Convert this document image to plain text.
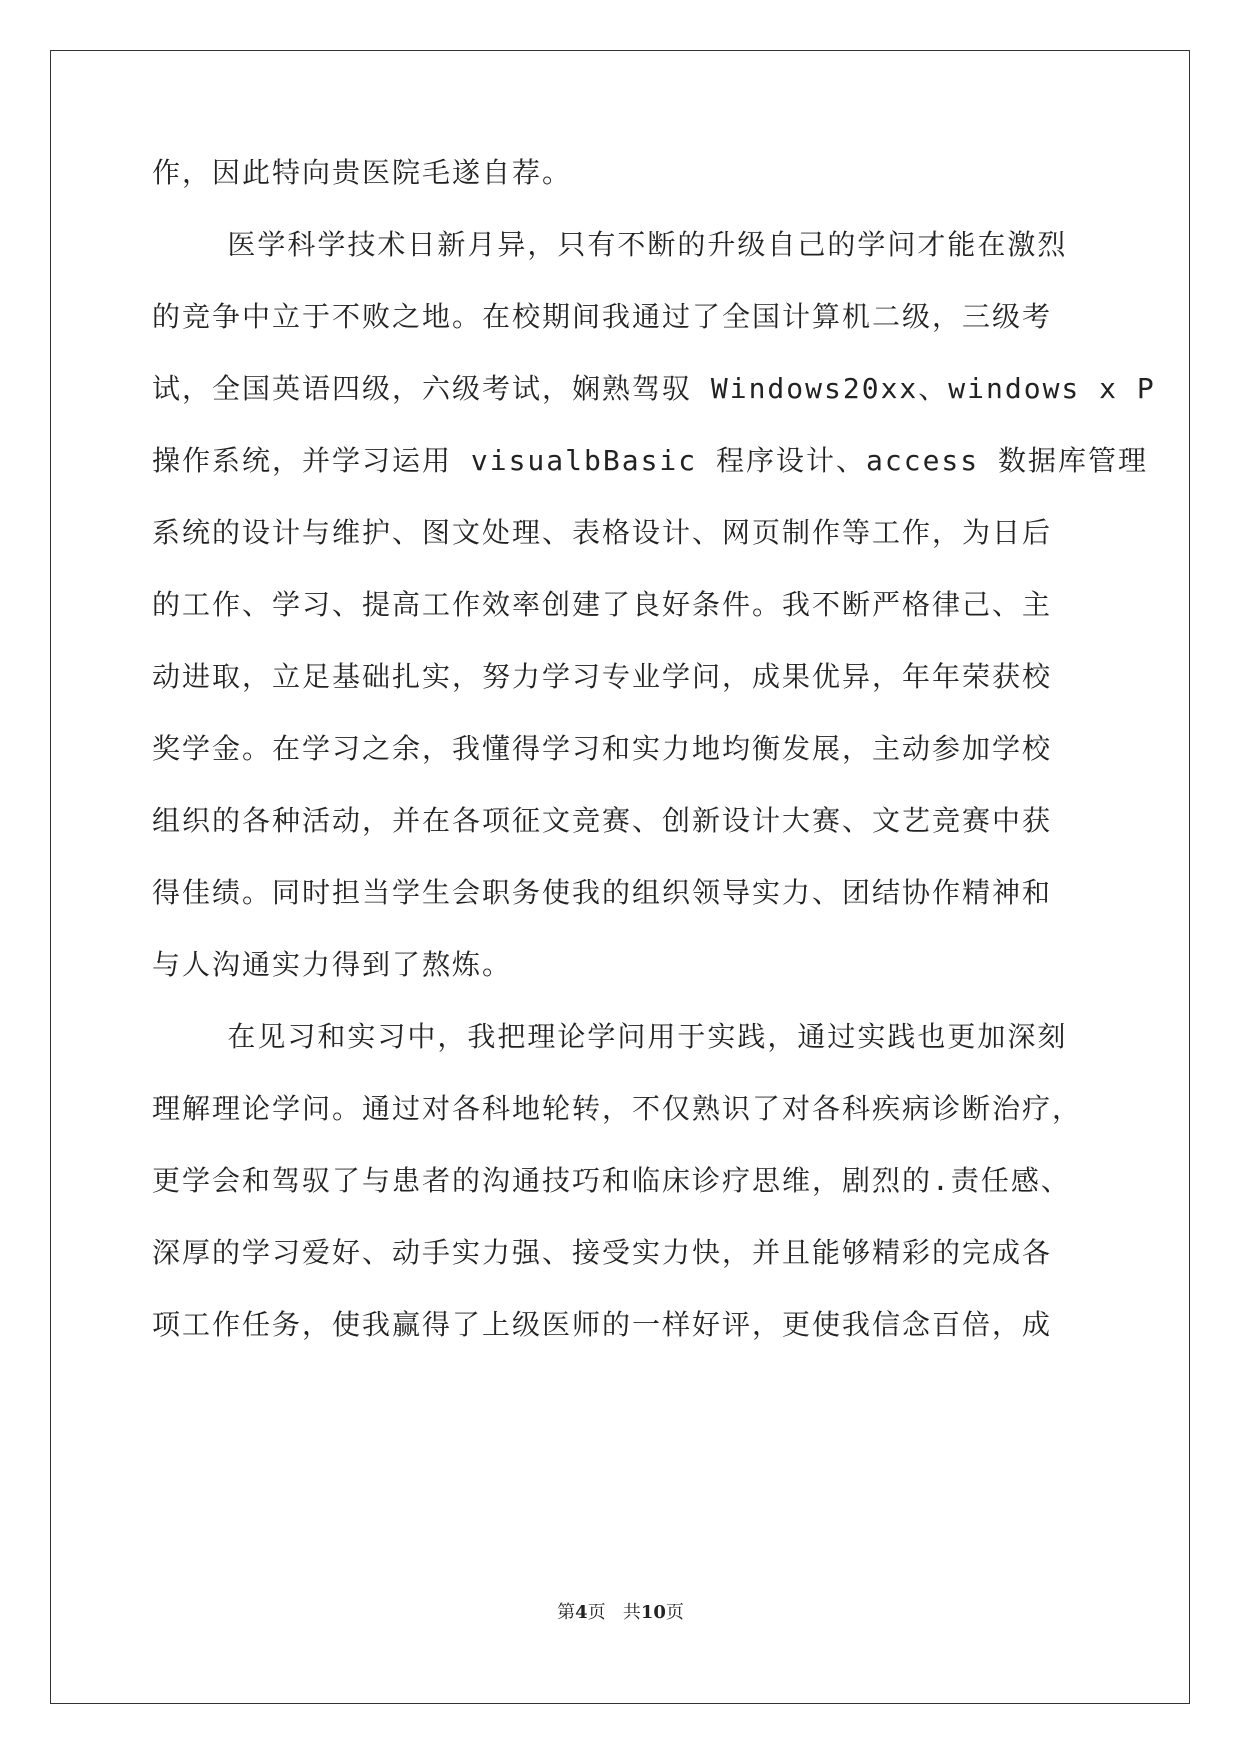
作，因此特向贵医院毛遂自荐。
医学科学技术日新月异，只有不断的升级自己的学问才能在激烈
的竞争中立于不败之地。在校期间我通过了全国计算机二级，三级考
试，全国英语四级，六级考试，娴熟驾驭 Windows20xx、windows x P
操作系统，并学习运用 visualbBasic 程序设计、access 数据库管理
系统的设计与维护、图文处理、表格设计、网页制作等工作，为日后
的工作、学习、提高工作效率创建了良好条件。我不断严格律己、主
动进取，立足基础扎实，努力学习专业学问，成果优异，年年荣获校
奖学金。在学习之余，我懂得学习和实力地均衡发展，主动参加学校
组织的各种活动，并在各项征文竞赛、创新设计大赛、文艺竞赛中获
得佳绩。同时担当学生会职务使我的组织领导实力、团结协作精神和
与人沟通实力得到了熬炼。
在见习和实习中，我把理论学问用于实践，通过实践也更加深刻
理解理论学问。通过对各科地轮转，不仅熟识了对各科疾病诊断治疗，
更学会和驾驭了与患者的沟通技巧和临床诊疗思维，剧烈的.责任感、
深厚的学习爱好、动手实力强、接受实力快，并且能够精彩的完成各
项工作任务，使我赢得了上级医师的一样好评，更使我信念百倍，成
第4页 共10页
